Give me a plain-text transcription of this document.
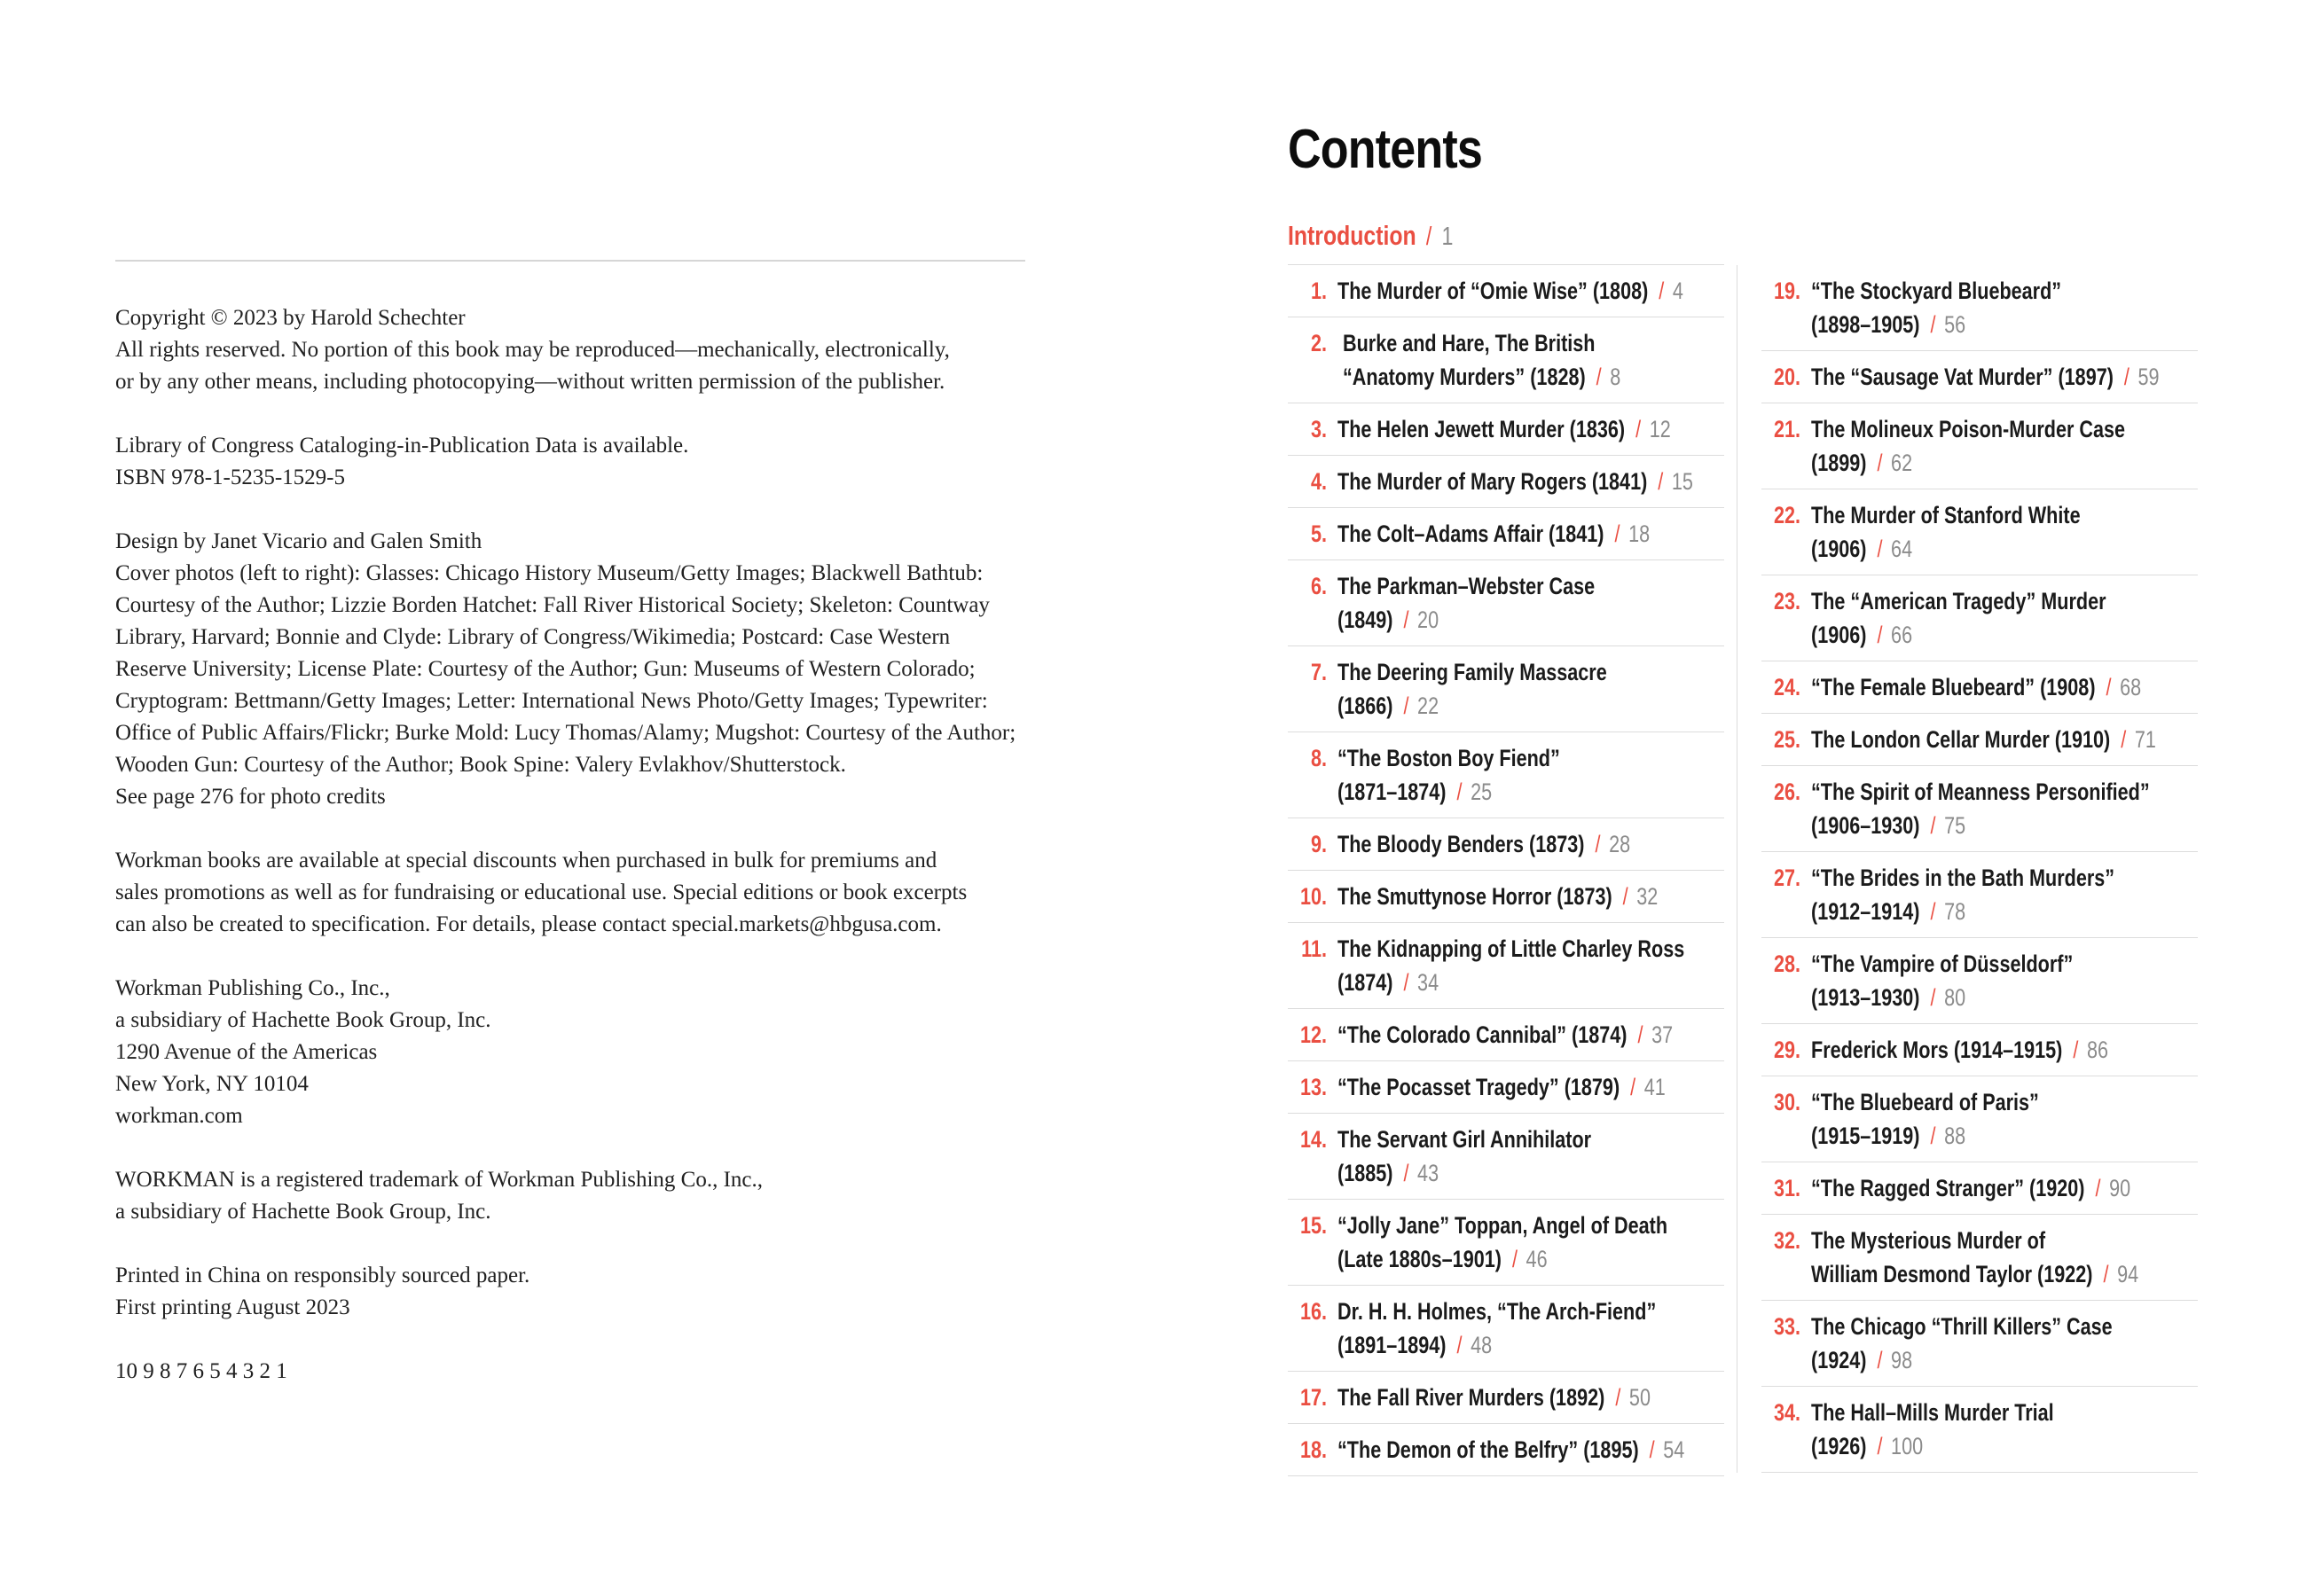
Copyright © 2023 by Harold Schechter
All rights reserved. No portion of this book may be reproduced—mechanically, electronically,
or by any other means, including photocopying—without written permission of the publisher.

Library of Congress Cataloging-in-Publication Data is available.
ISBN 978-1-5235-1529-5

Design by Janet Vicario and Galen Smith
Cover photos (left to right): Glasses: Chicago History Museum/Getty Images; Blackwell Bathtub:
Courtesy of the Author; Lizzie Borden Hatchet: Fall River Historical Society; Skeleton: Countway
Library, Harvard; Bonnie and Clyde: Library of Congress/Wikimedia; Postcard: Case Western
Reserve University; License Plate: Courtesy of the Author; Gun: Museums of Western Colorado;
Cryptogram: Bettmann/Getty Images; Letter: International News Photo/Getty Images; Typewriter:
Office of Public Affairs/Flickr; Burke Mold: Lucy Thomas/Alamy; Mugshot: Courtesy of the Author;
Wooden Gun: Courtesy of the Author; Book Spine: Valery Evlakhov/Shutterstock.
See page 276 for photo credits

Workman books are available at special discounts when purchased in bulk for premiums and
sales promotions as well as for fundraising or educational use. Special editions or book excerpts
can also be created to specification. For details, please contact special.markets@hbgusa.com.

Workman Publishing Co., Inc.,
a subsidiary of Hachette Book Group, Inc.
1290 Avenue of the Americas
New York, NY 10104
workman.com

WORKMAN is a registered trademark of Workman Publishing Co., Inc.,
a subsidiary of Hachette Book Group, Inc.

Printed in China on responsibly sourced paper.
First printing August 2023

10 9 8 7 6 5 4 3 2 1

Contents
Introduction / 1
1. The Murder of “Omie Wise” (1808) / 4
2. Burke and Hare, The British
“Anatomy Murders” (1828) / 8
3. The Helen Jewett Murder (1836) / 12
4. The Murder of Mary Rogers (1841) / 15
5. The Colt–Adams Affair (1841) / 18
6. The Parkman–Webster Case
(1849) / 20
7. The Deering Family Massacre
(1866) / 22
8. “The Boston Boy Fiend”
(1871–1874) / 25
9. The Bloody Benders (1873) / 28
10. The Smuttynose Horror (1873) / 32
11. The Kidnapping of Little Charley Ross
(1874) / 34
12. “The Colorado Cannibal” (1874) / 37
13. “The Pocasset Tragedy” (1879) / 41
14. The Servant Girl Annihilator
(1885) / 43
15. “Jolly Jane” Toppan, Angel of Death
(Late 1880s–1901) / 46
16. Dr. H. H. Holmes, “The Arch-Fiend”
(1891–1894) / 48
17. The Fall River Murders (1892) / 50
18. “The Demon of the Belfry” (1895) / 54
19. “The Stockyard Bluebeard”
(1898–1905) / 56
20. The “Sausage Vat Murder” (1897) / 59
21. The Molineux Poison-Murder Case
(1899) / 62
22. The Murder of Stanford White
(1906) / 64
23. The “American Tragedy” Murder
(1906) / 66
24. “The Female Bluebeard” (1908) / 68
25. The London Cellar Murder (1910) / 71
26. “The Spirit of Meanness Personified”
(1906–1930) / 75
27. “The Brides in the Bath Murders”
(1912–1914) / 78
28. “The Vampire of Düsseldorf”
(1913–1930) / 80
29. Frederick Mors (1914–1915) / 86
30. “The Bluebeard of Paris”
(1915–1919) / 88
31. “The Ragged Stranger” (1920) / 90
32. The Mysterious Murder of
William Desmond Taylor (1922) / 94
33. The Chicago “Thrill Killers” Case
(1924) / 98
34. The Hall–Mills Murder Trial
(1926) / 100
